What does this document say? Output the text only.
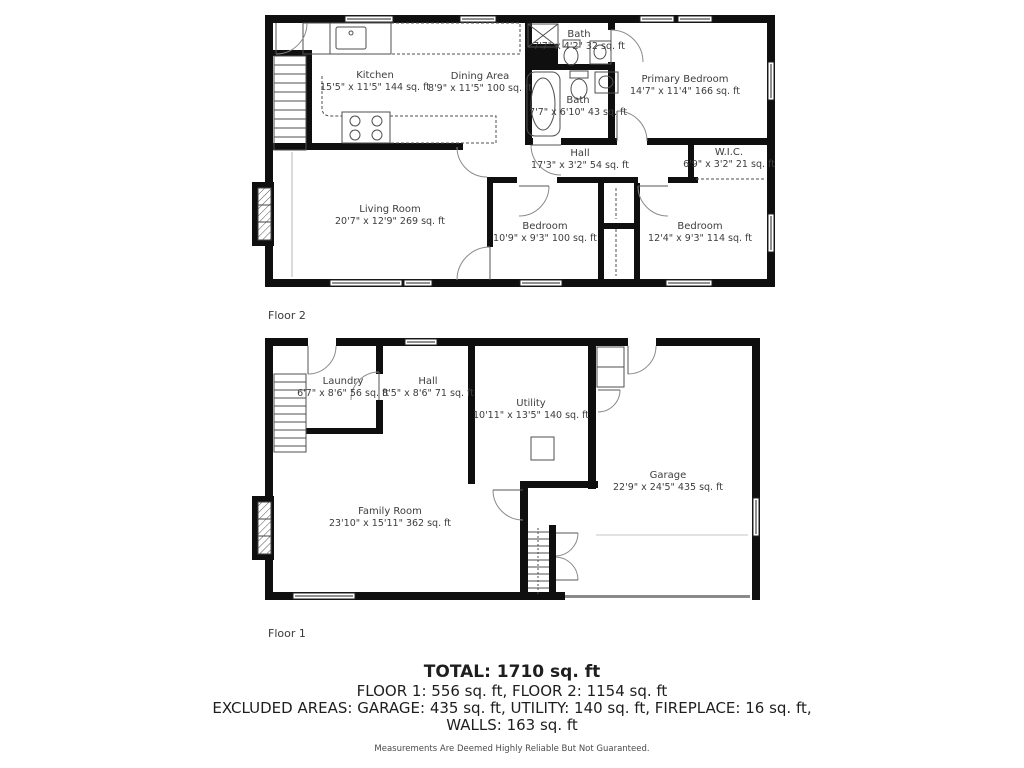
Kitchen
15'5" x 11'5" 144 sq. ft
Dining Area
8'9" x 11'5" 100 sq. ft
Bath
7'7" x 4'2" 32 sq. ft
Bath
7'7" x 6'10" 43 sq. ft
Primary Bedroom
14'7" x 11'4" 166 sq. ft
Hall
17'3" x 3'2" 54 sq. ft
W.I.C.
6'9" x 3'2" 21 sq. ft
Living Room
20'7" x 12'9" 269 sq. ft	Bedroom
10'9" x 9'3" 100 sq. ft
Bedroom
12'4" x 9'3" 114 sq. ft
Laundry
6'7" x 8'6" 56 sq. ft
Hall
8'5" x 8'6" 71 sq. ft
Utility
10'11" x 13'5" 140 sq. ft
Garage
22'9" x 24'5" 435 sq. ft
Family Room
23'10" x 15'11" 362 sq. ft
Floor 2
Floor 1
TOTAL: 1710 sq. ft
FLOOR 1: 556 sq. ft, FLOOR 2: 1154 sq. ft
EXCLUDED AREAS: GARAGE: 435 sq. ft, UTILITY: 140 sq. ft, FIREPLACE: 16 sq. ft,
WALLS: 163 sq. ft
Measurements Are Deemed Highly Reliable But Not Guaranteed.
